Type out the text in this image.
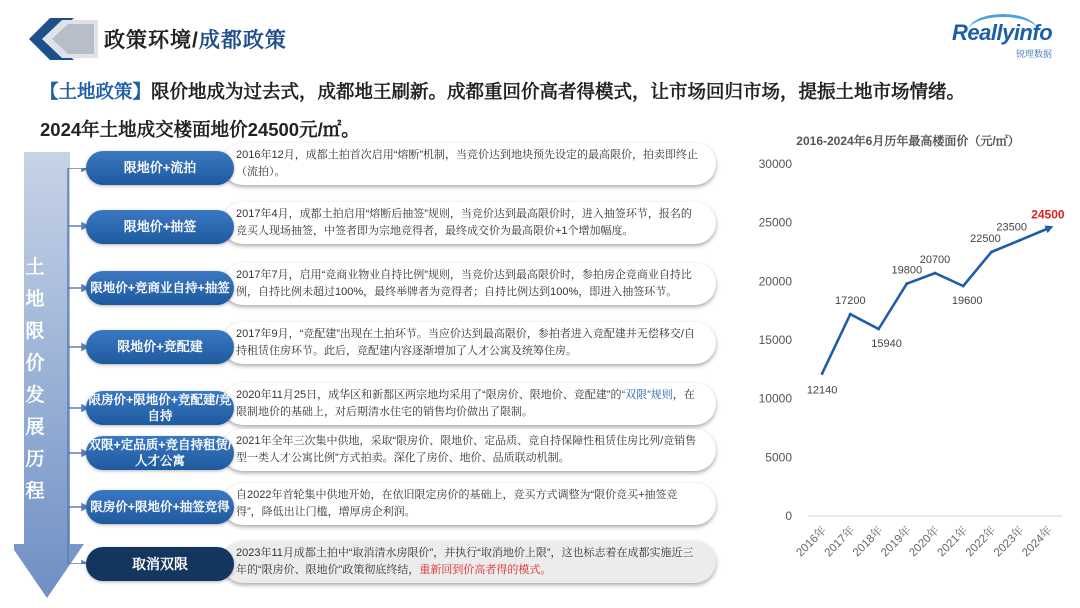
政策环境/成都政策	Reallyinfo
锐理数据
【土地政策】限价地成为过去式，成都地王刷新。成都重回价高者得模式，让市场回归市场，提振土地市场情绪。
2024年土地成交楼面地价24500元/㎡。
土地限价发展历程
2016年12月，成都土拍首次启用“熔断”机制，当竞价达到地块预先设定的最高限价，拍卖即终止（流拍）。
限地价+流拍
2017年4月，成都土拍启用“熔断后抽签”规则，当竞价达到最高限价时，进入抽签环节，报名的竞买人现场抽签，中签者即为宗地竞得者，最终成交价为最高限价+1个增加幅度。
限地价+抽签
2017年7月，启用“竞商业物业自持比例”规则，当竞价达到最高限价时，参拍房企竞商业自持比例，自持比例未超过100%，最终举牌者为竞得者；自持比例达到100%，即进入抽签环节。
限地价+竞商业自持+抽签
2017年9月，“竞配建”出现在土拍环节。当应价达到最高限价，参拍者进入竞配建并无偿移交/自持租赁住房环节。此后，竞配建内容逐渐增加了人才公寓及统筹住房。
限地价+竞配建
2020年11月25日，成华区和新都区两宗地均采用了“限房价、限地价、竞配建”的“双限”规则，在限制地价的基础上，对后期清水住宅的销售均价做出了限制。
限房价+限地价+竞配建/竞自持
2021年全年三次集中供地，采取“限房价、限地价、定品质、竞自持保障性租赁住房比列/竞销售型一类人才公寓比例”方式拍卖。深化了房价、地价、品质联动机制。
双限+定品质+竞自持租赁/人才公寓
自2022年首轮集中供地开始，在依旧限定房价的基础上，竞买方式调整为“限价竞买+抽签竞得”，降低出让门槛，增厚房企利润。
限房价+限地价+抽签竞得
2023年11月成都土拍中“取消清水房限价”，并执行“取消地价上限”，这也标志着在成都实施近三年的“限房价、限地价”政策彻底终结，重新回到价高者得的模式。
取消双限
2016-2024年6月历年最高楼面价（元/㎡）
0
5000
10000
15000
20000
25000
30000
2016年
2017年
2018年
2019年
2020年
2021年
2022年
2023年
2024年
12140
17200
15940
19800
20700
19600
22500
23500
24500
